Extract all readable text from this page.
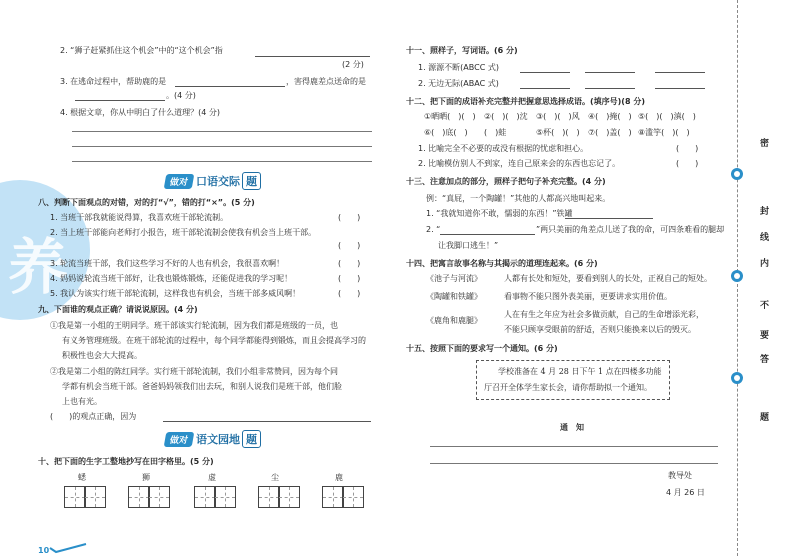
养
2. “狮子赶紧抓住这个机会”中的“这个机会”指
(2 分)
3. 在逃命过程中，帮助鹿的是	，害得鹿差点送命的是
。(4 分)
4. 根据文章，你从中明白了什么道理？(4 分)
做对 口语交际 题
八、判断下面观点的对错，对的打“√”，错的打“×”。(5 分)
1. 当班干部我就能说得算，我喜欢班干部轮流制。	(　　)
2. 当上班干部能向老师打小报告，班干部轮流制会使我有机会当上班干部。
(　　)
3. 轮流当班干部，我们这些学习不好的人也有机会，我很喜欢啊！	(　　)
4. 妈妈说轮流当班干部好，让我也锻炼锻炼，还能促进我的学习呢！	(　　)
5. 我认为该实行班干部轮流制，这样我也有机会，当班干部多威风啊！	(　　)
九、下面谁的观点正确？请说说原因。(4 分)
①我是第一小组的王明同学。班干部该实行轮流制，因为我们都是班级的一员，也
有义务管理班级。在班干部轮流的过程中，每个同学都能得到锻炼，而且会提高学习的
积极性也会大大提高。
②我是第二小组的陈红同学。实行班干部轮流制，我们小组非常赞同，因为每个同
学都有机会当班干部。爸爸妈妈领我们出去玩，和别人说我们是班干部，他们脸
上也有光。
(　　)的观点正确，因为
做对 语文园地 题
十、把下面的生字工整地抄写在田字格里。(5 分)
蟋	狮	虚	尘	鹿
10
十一、照样子，写词语。(6 分)
1. 源源不断(ABCC 式)
2. 无边无际(ABAC 式)
十二、把下面的成语补充完整并把握意思选择成语。(填序号)(8 分)
①晒晒(　)(　) ②(　)(　)沈 ③(　)(　)风 ④(　)掩(　) ⑤(　)(　)滇(　)
⑥(　)底(　) (　)蛙	⑤杯(　)(　) ⑦(　)盖(　) ⑧滥竽(　)(　)
1. 比喻完全不必要的或没有根据的忧虑和担心。	(　　)
2. 比喻模仿别人不到家，连自己原来会的东西也忘记了。	(　　)
十三、注意加点的部分，照样子把句子补充完整。(4 分)
例：“真屁，一个陶罐！”其他的人都高兴地叫起来。
1. “我就知道你不敢，懦弱的东西！”铁罐
2. “	”两只美丽的角差点儿送了我的命，可四条难看的腿却
让我脚口逃生！”
十四、把寓言故事名称与其揭示的道理连起来。(6 分)
《池子与河流》
《陶罐和铁罐》
《鹿角和鹿腿》
人都有长处和短处，要看到别人的长处，正视自己的短处。
看事物不能只图外表美丽，更要讲求实用价值。
人在有生之年应为社会多做贡献，自己的生命增添光彩，
不能只顾享受眼前的舒适，否则只能换来以后的毁灭。
十五、按照下面的要求写一个通知。(6 分)
学校准备在 4 月 28 日下午 1 点在四楼多功能
厅召开全体学生家长会，请你帮助拟一个通知。
通　知
教导处
4 月 26 日
密
封
线
内
不
要
答
题
